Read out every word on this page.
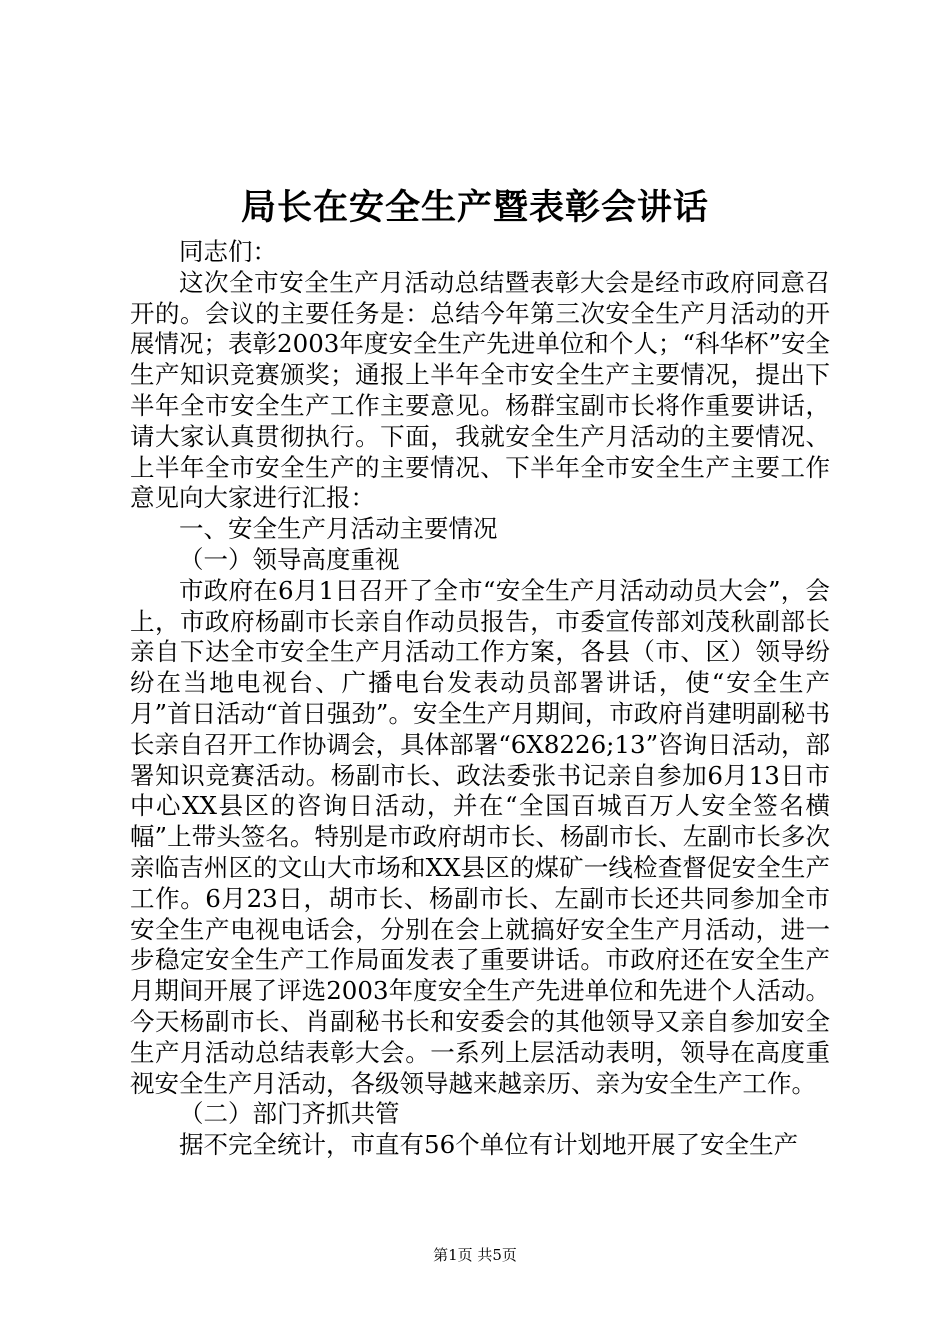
局长在安全生产暨表彰会讲话

同志们：

这次全市安全生产月活动总结暨表彰大会是经市政府同意召开的。会议的主要任务是：总结今年第三次安全生产月活动的开展情况；表彰2003年度安全生产先进单位和个人；“科华杯”安全生产知识竞赛颁奖；通报上半年全市安全生产主要情况，提出下半年全市安全生产工作主要意见。杨群宝副市长将作重要讲话，请大家认真贯彻执行。下面，我就安全生产月活动的主要情况、上半年全市安全生产的主要情况、下半年全市安全生产主要工作意见向大家进行汇报：

一、安全生产月活动主要情况

（一）领导高度重视

市政府在6月1日召开了全市“安全生产月活动动员大会”，会上，市政府杨副市长亲自作动员报告，市委宣传部刘茂秋副部长亲自下达全市安全生产月活动工作方案，各县（市、区）领导纷纷在当地电视台、广播电台发表动员部署讲话，使“安全生产月”首日活动“首日强劲”。安全生产月期间，市政府肖建明副秘书长亲自召开工作协调会，具体部署“6X8226;13”咨询日活动，部署知识竞赛活动。杨副市长、政法委张书记亲自参加6月13日市中心XX县区的咨询日活动，并在“全国百城百万人安全签名横幅”上带头签名。特别是市政府胡市长、杨副市长、左副市长多次亲临吉州区的文山大市场和XX县区的煤矿一线检查督促安全生产工作。6月23日，胡市长、杨副市长、左副市长还共同参加全市安全生产电视电话会，分别在会上就搞好安全生产月活动，进一步稳定安全生产工作局面发表了重要讲话。市政府还在安全生产月期间开展了评选2003年度安全生产先进单位和先进个人活动。今天杨副市长、肖副秘书长和安委会的其他领导又亲自参加安全生产月活动总结表彰大会。一系列上层活动表明，领导在高度重视安全生产月活动，各级领导越来越亲历、亲为安全生产工作。

（二）部门齐抓共管

据不完全统计，市直有56个单位有计划地开展了安全生产

第1页 共5页
